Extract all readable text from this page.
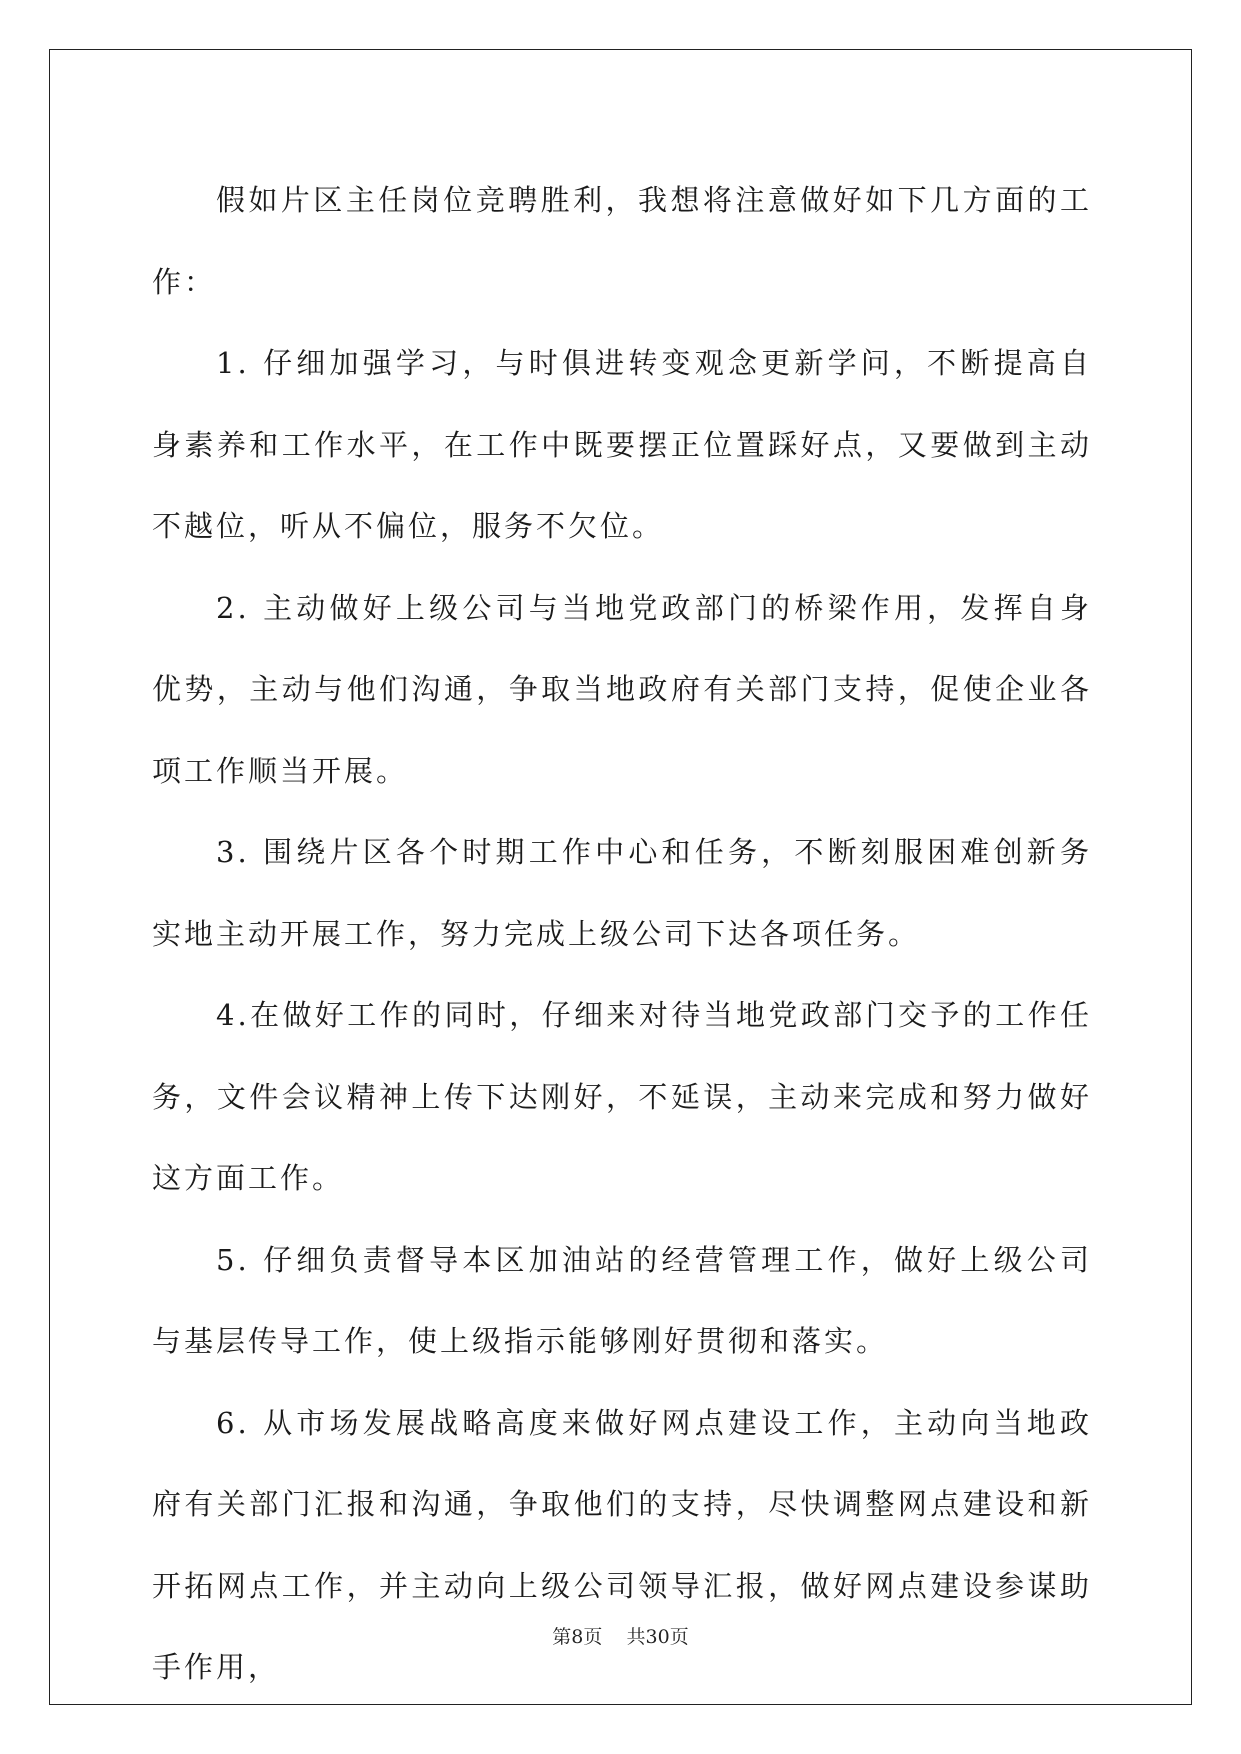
假如片区主任岗位竞聘胜利，我想将注意做好如下几方面的工作：

1. 仔细加强学习，与时俱进转变观念更新学问，不断提高自身素养和工作水平，在工作中既要摆正位置踩好点，又要做到主动不越位，听从不偏位，服务不欠位。

2. 主动做好上级公司与当地党政部门的桥梁作用，发挥自身优势，主动与他们沟通，争取当地政府有关部门支持，促使企业各项工作顺当开展。

3. 围绕片区各个时期工作中心和任务，不断刻服困难创新务实地主动开展工作，努力完成上级公司下达各项任务。

4.在做好工作的同时，仔细来对待当地党政部门交予的工作任务，文件会议精神上传下达刚好，不延误，主动来完成和努力做好这方面工作。

5. 仔细负责督导本区加油站的经营管理工作，做好上级公司与基层传导工作，使上级指示能够刚好贯彻和落实。

6. 从市场发展战略高度来做好网点建设工作，主动向当地政府有关部门汇报和沟通，争取他们的支持，尽快调整网点建设和新开拓网点工作，并主动向上级公司领导汇报，做好网点建设参谋助手作用，

第8页    共30页
